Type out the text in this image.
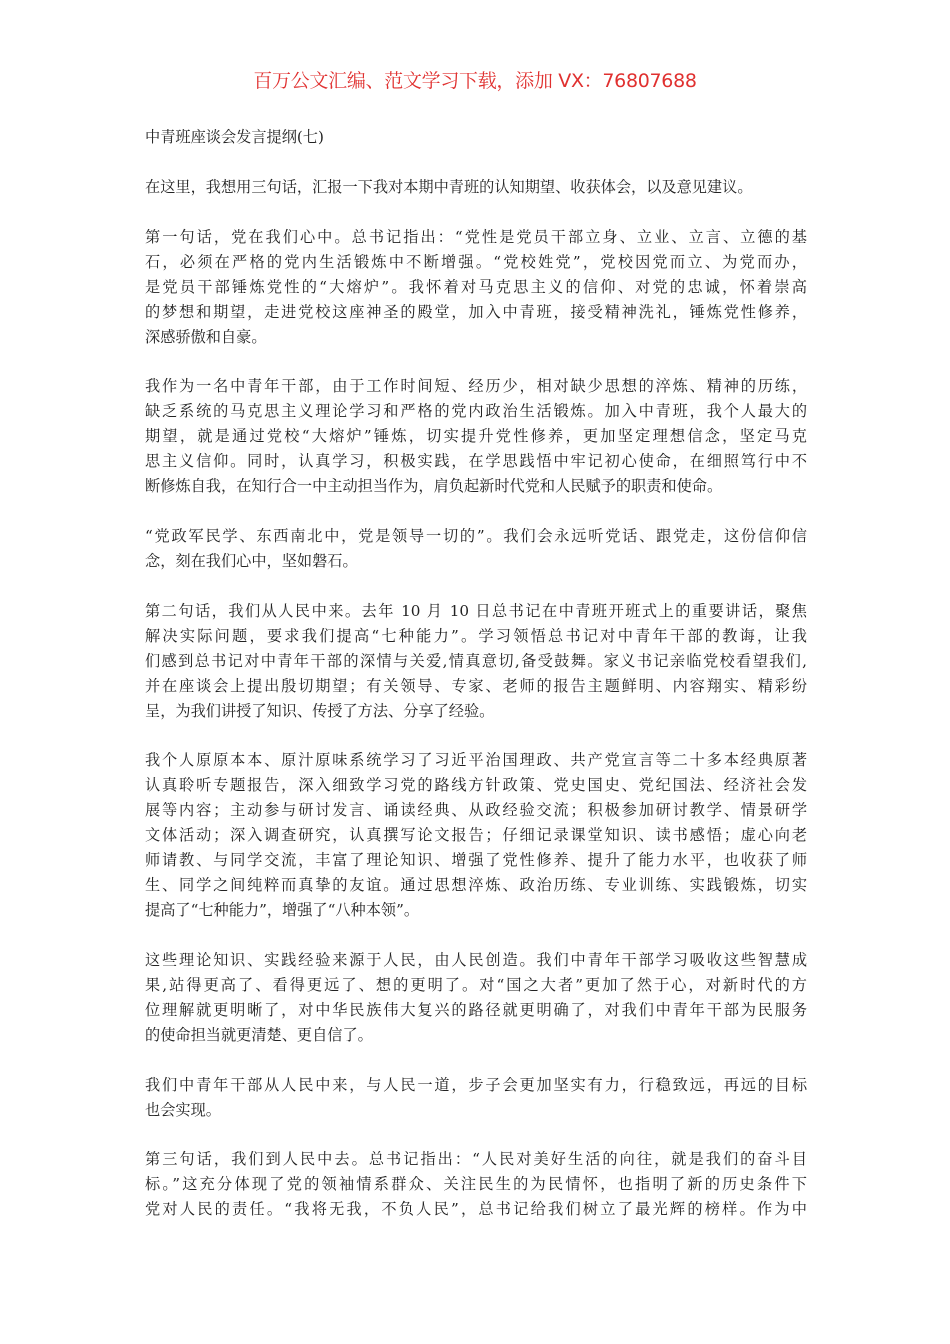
百万公文汇编、范文学习下载，添加 VX：76807688
中青班座谈会发言提纲(七)
在这里，我想用三句话，汇报一下我对本期中青班的认知期望、收获体会，以及意见建议。
第一句话，党在我们心中。总书记指出：“党性是党员干部立身、立业、立言、立德的基
石，必须在严格的党内生活锻炼中不断增强。“党校姓党”，党校因党而立、为党而办，
是党员干部锤炼党性的“大熔炉”。我怀着对马克思主义的信仰、对党的忠诚，怀着崇高
的梦想和期望，走进党校这座神圣的殿堂，加入中青班，接受精神洗礼，锤炼党性修养，
深感骄傲和自豪。
我作为一名中青年干部，由于工作时间短、经历少，相对缺少思想的淬炼、精神的历练，
缺乏系统的马克思主义理论学习和严格的党内政治生活锻炼。加入中青班，我个人最大的
期望，就是通过党校“大熔炉”锤炼，切实提升党性修养，更加坚定理想信念，坚定马克
思主义信仰。同时，认真学习，积极实践，在学思践悟中牢记初心使命，在细照笃行中不
断修炼自我，在知行合一中主动担当作为，肩负起新时代党和人民赋予的职责和使命。
“党政军民学、东西南北中，党是领导一切的”。我们会永远听党话、跟党走，这份信仰信
念，刻在我们心中，坚如磐石。
第二句话，我们从人民中来。去年 10 月 10 日总书记在中青班开班式上的重要讲话，聚焦
解决实际问题，要求我们提高“七种能力”。学习领悟总书记对中青年干部的教诲，让我
们感到总书记对中青年干部的深情与关爱,情真意切,备受鼓舞。家义书记亲临党校看望我们,
并在座谈会上提出殷切期望；有关领导、专家、老师的报告主题鲜明、内容翔实、精彩纷
呈，为我们讲授了知识、传授了方法、分享了经验。
我个人原原本本、原汁原味系统学习了习近平治国理政、共产党宣言等二十多本经典原著
认真聆听专题报告，深入细致学习党的路线方针政策、党史国史、党纪国法、经济社会发
展等内容；主动参与研讨发言、诵读经典、从政经验交流；积极参加研讨教学、情景研学
文体活动；深入调查研究，认真撰写论文报告；仔细记录课堂知识、读书感悟；虚心向老
师请教、与同学交流，丰富了理论知识、增强了党性修养、提升了能力水平，也收获了师
生、同学之间纯粹而真挚的友谊。通过思想淬炼、政治历练、专业训练、实践锻炼，切实
提高了“七种能力”，增强了“八种本领”。
这些理论知识、实践经验来源于人民，由人民创造。我们中青年干部学习吸收这些智慧成
果,站得更高了、看得更远了、想的更明了。对“国之大者”更加了然于心，对新时代的方
位理解就更明晰了，对中华民族伟大复兴的路径就更明确了，对我们中青年干部为民服务
的使命担当就更清楚、更自信了。
我们中青年干部从人民中来，与人民一道，步子会更加坚实有力，行稳致远，再远的目标
也会实现。
第三句话，我们到人民中去。总书记指出：“人民对美好生活的向往，就是我们的奋斗目
标。”这充分体现了党的领袖情系群众、关注民生的为民情怀，也指明了新的历史条件下
党对人民的责任。“我将无我，不负人民”，总书记给我们树立了最光辉的榜样。作为中
